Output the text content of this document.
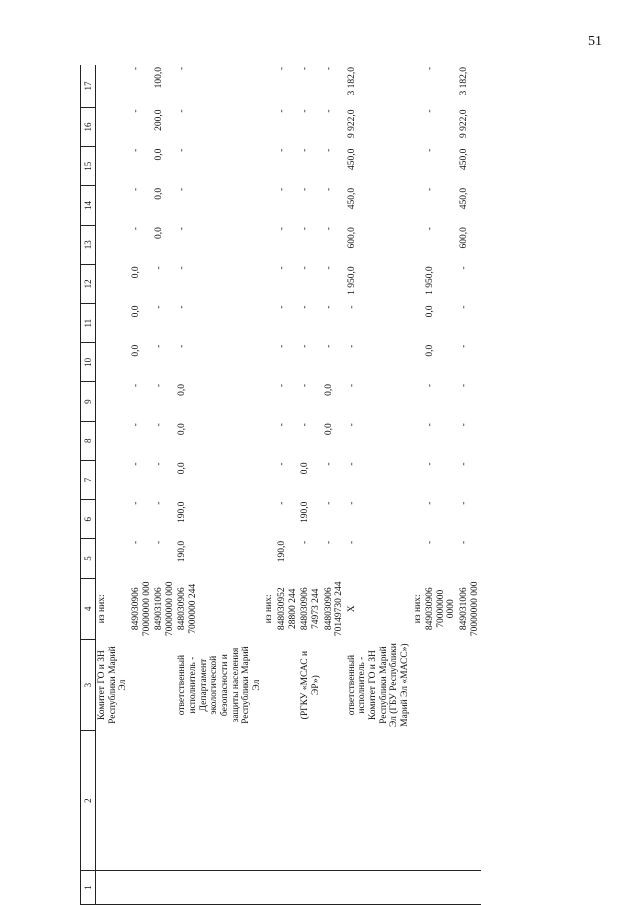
51
1	2	3	4	5	6	7	8	9	10	11	12	13	14	15	16	17
		Комитет ГО и ЗН Республики Марий Эл	из них:													
			849030906 70000000 000	-	-	-	-	-	0,0	0,0	0,0	-	-	-	-	-
			849031006 70000000 000	-	-	-	-	-	-	-	-	0,0	0,0	0,0	200,0	100,0
		ответственный исполнитель - Департамент экологической безопасности и защиты населения Республики Марий Эл	848030906 7000000 244	190,0	190,0	0,0	0,0	0,0	-	-	-	-	-	-	-	-
			из них:													
			848030952 28800 244	190,0	-	-	-	-	-	-	-	-	-	-	-	-
		(РГКУ «МСАС и ЭР»)	848030906 74973 244	-	190,0	0,0	-	-	-	-	-	-	-	-	-	-
			848030906 70149730 244	-	-	-	0,0	0,0	-	-	-	-	-	-	-	-
		ответственный исполнитель - Комитет ГО и ЗН Республики Марий Эл (ГБУ Республики Марий Эл «МАСС»)	Х	-	-	-	-	-	-	-	1 950,0	600,0	450,0	450,0	9 922,0	3 182,0
			из них:													
			849030906 70000000 0000	-	-	-	-	-	0,0	0,0	1 950,0	-	-	-	-	-
			849031006 70000000 000	-	-	-	-	-	-	-	-	600,0	450,0	450,0	9 922,0	3 182,0
